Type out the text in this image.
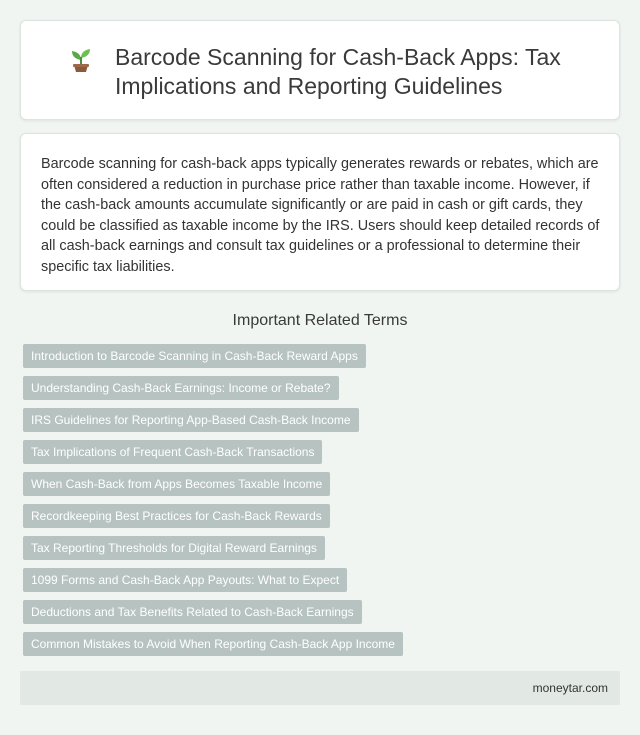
Barcode Scanning for Cash-Back Apps: Tax Implications and Reporting Guidelines

Barcode scanning for cash-back apps typically generates rewards or rebates, which are often considered a reduction in purchase price rather than taxable income. However, if the cash-back amounts accumulate significantly or are paid in cash or gift cards, they could be classified as taxable income by the IRS. Users should keep detailed records of all cash-back earnings and consult tax guidelines or a professional to determine their specific tax liabilities.

Important Related Terms
Introduction to Barcode Scanning in Cash-Back Reward Apps
Understanding Cash-Back Earnings: Income or Rebate?
IRS Guidelines for Reporting App-Based Cash-Back Income
Tax Implications of Frequent Cash-Back Transactions
When Cash-Back from Apps Becomes Taxable Income
Recordkeeping Best Practices for Cash-Back Rewards
Tax Reporting Thresholds for Digital Reward Earnings
1099 Forms and Cash-Back App Payouts: What to Expect
Deductions and Tax Benefits Related to Cash-Back Earnings
Common Mistakes to Avoid When Reporting Cash-Back App Income
moneytar.com
